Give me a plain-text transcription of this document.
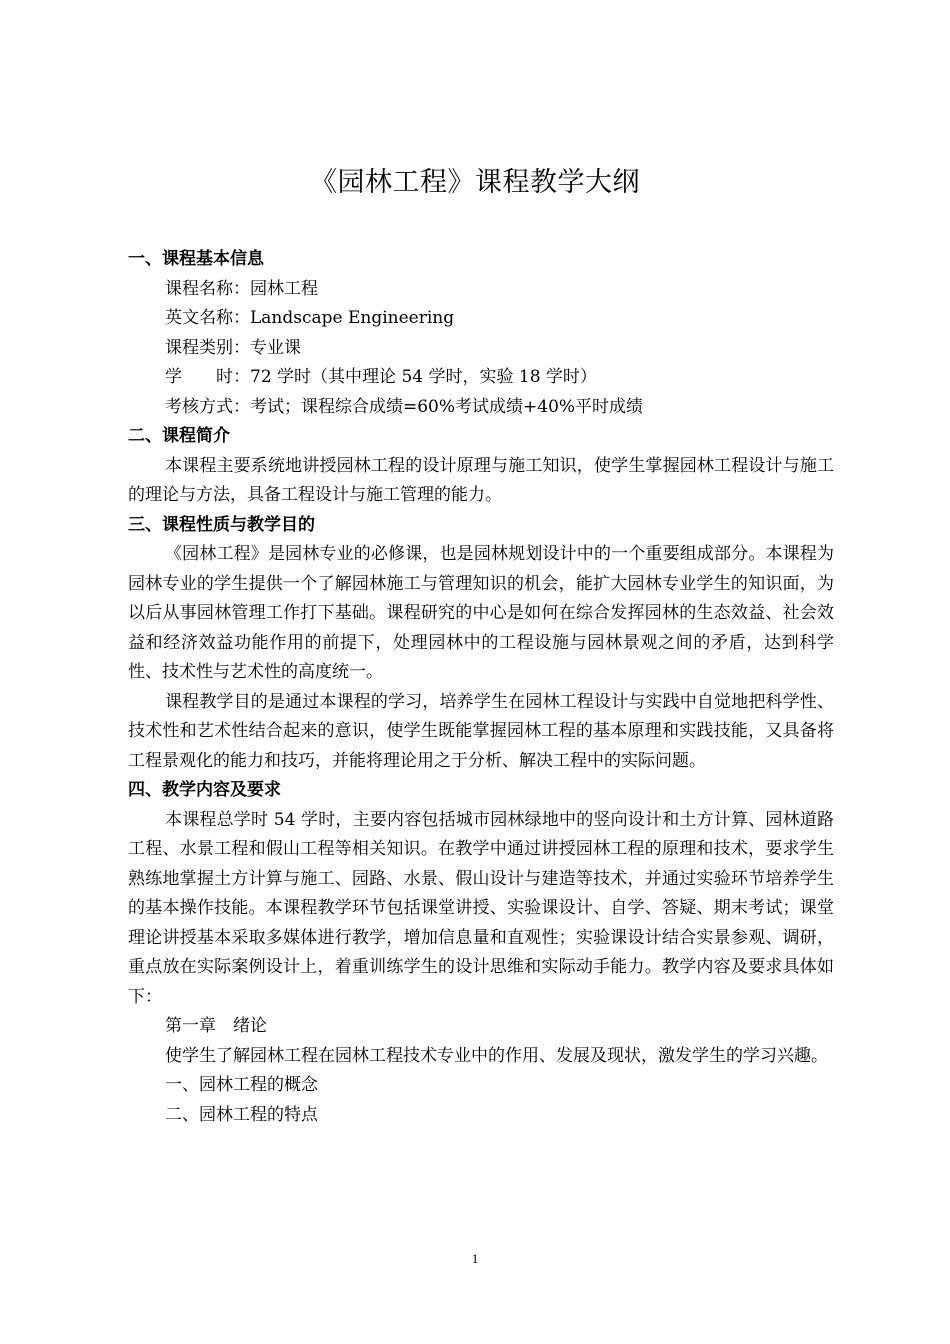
《园林工程》课程教学大纲

一、课程基本信息

课程名称：园林工程

英文名称：Landscape Engineering

课程类别：专业课

学　　时：72 学时（其中理论 54 学时，实验 18 学时）

考核方式：考试；课程综合成绩=60%考试成绩+40%平时成绩

二、课程简介

本课程主要系统地讲授园林工程的设计原理与施工知识，使学生掌握园林工程设计与施工的理论与方法，具备工程设计与施工管理的能力。

三、课程性质与教学目的

《园林工程》是园林专业的必修课，也是园林规划设计中的一个重要组成部分。本课程为园林专业的学生提供一个了解园林施工与管理知识的机会，能扩大园林专业学生的知识面，为以后从事园林管理工作打下基础。课程研究的中心是如何在综合发挥园林的生态效益、社会效益和经济效益功能作用的前提下，处理园林中的工程设施与园林景观之间的矛盾，达到科学性、技术性与艺术性的高度统一。

课程教学目的是通过本课程的学习，培养学生在园林工程设计与实践中自觉地把科学性、技术性和艺术性结合起来的意识，使学生既能掌握园林工程的基本原理和实践技能，又具备将工程景观化的能力和技巧，并能将理论用之于分析、解决工程中的实际问题。

四、教学内容及要求

本课程总学时 54 学时，主要内容包括城市园林绿地中的竖向设计和土方计算、园林道路工程、水景工程和假山工程等相关知识。在教学中通过讲授园林工程的原理和技术，要求学生熟练地掌握土方计算与施工、园路、水景、假山设计与建造等技术，并通过实验环节培养学生的基本操作技能。本课程教学环节包括课堂讲授、实验课设计、自学、答疑、期末考试；课堂理论讲授基本采取多媒体进行教学，增加信息量和直观性；实验课设计结合实景参观、调研，重点放在实际案例设计上，着重训练学生的设计思维和实际动手能力。教学内容及要求具体如下：

第一章　绪论

使学生了解园林工程在园林工程技术专业中的作用、发展及现状，激发学生的学习兴趣。

一、园林工程的概念

二、园林工程的特点

1
